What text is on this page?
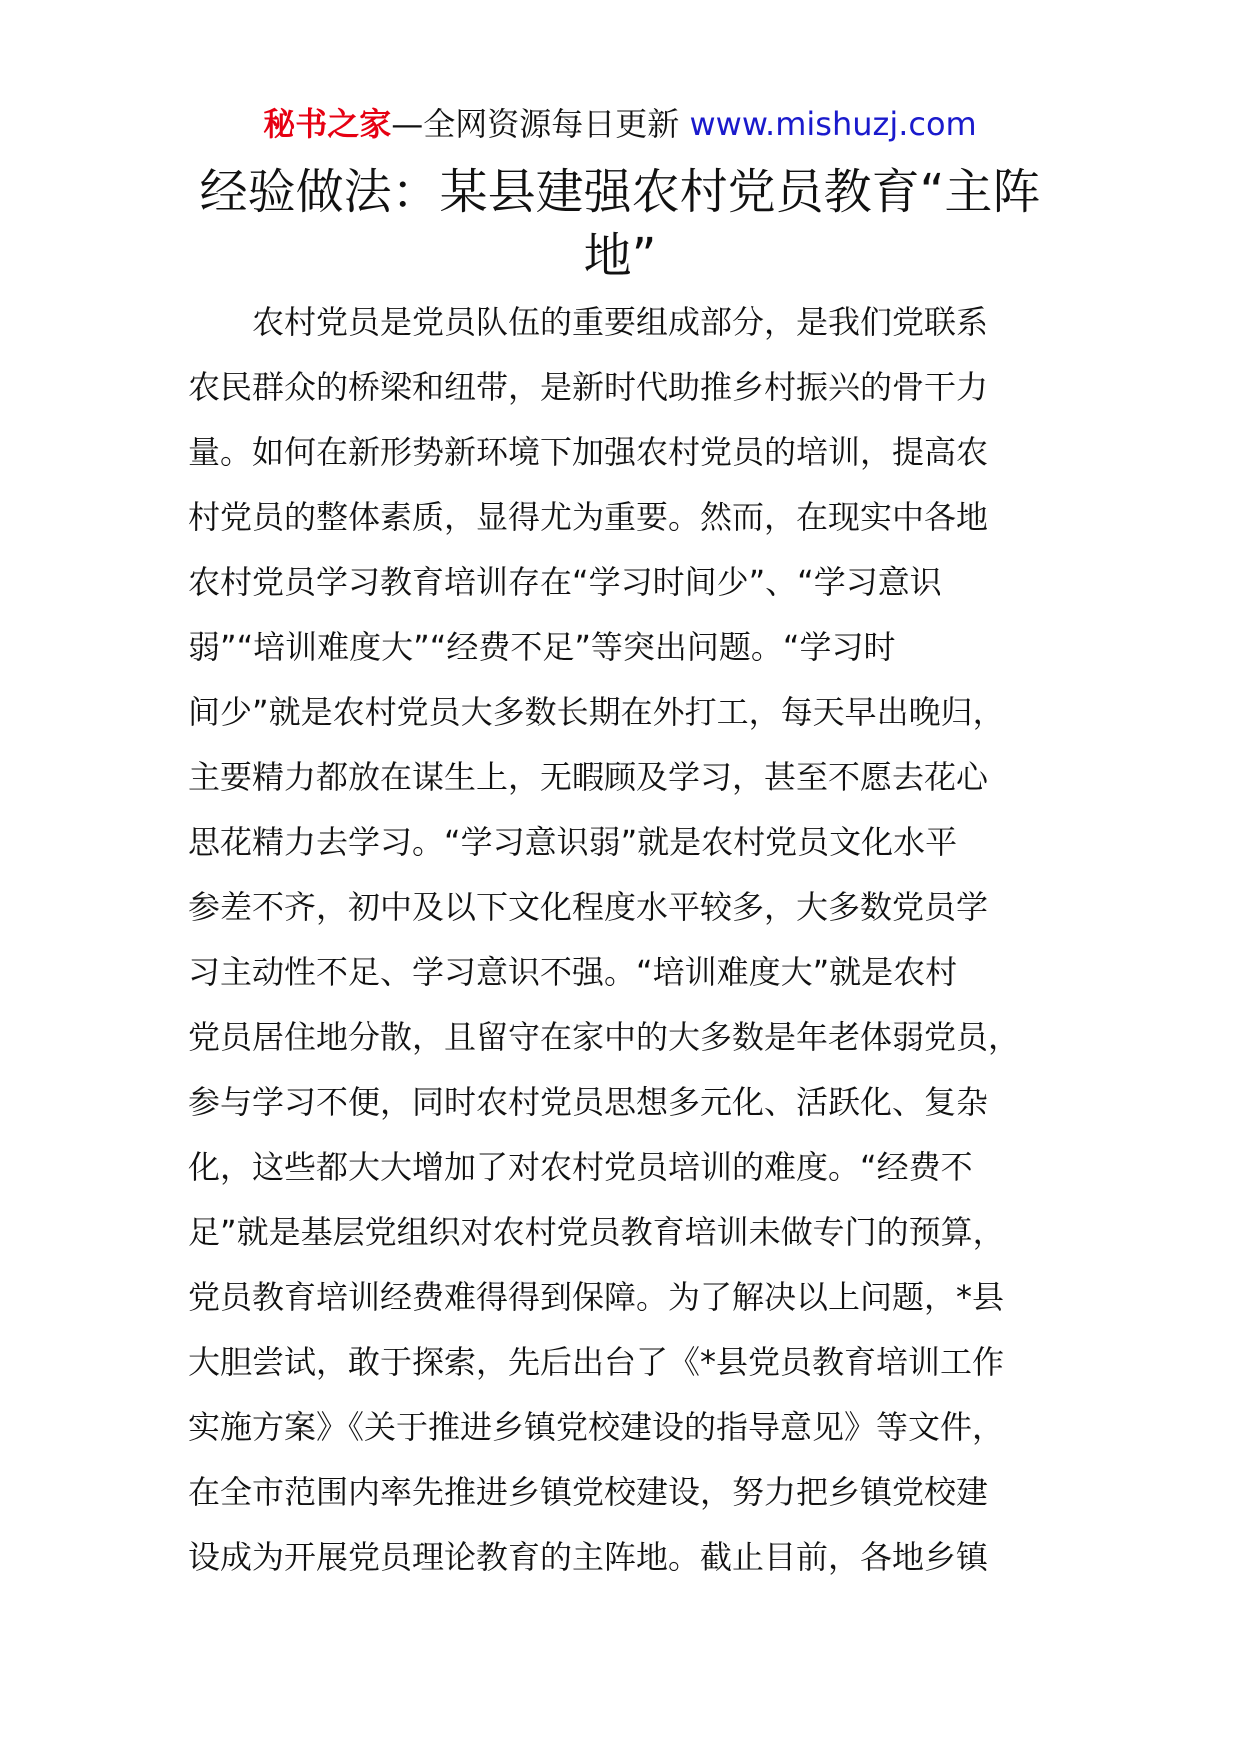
秘书之家—全网资源每日更新 www.mishuzj.com
经验做法：某县建强农村党员教育“主阵地”
　　农村党员是党员队伍的重要组成部分，是我们党联系
农民群众的桥梁和纽带，是新时代助推乡村振兴的骨干力
量。如何在新形势新环境下加强农村党员的培训，提高农
村党员的整体素质，显得尤为重要。然而，在现实中各地
农村党员学习教育培训存在“学习时间少”、“学习意识
弱”“培训难度大”“经费不足”等突出问题。“学习时
间少”就是农村党员大多数长期在外打工，每天早出晚归，
主要精力都放在谋生上，无暇顾及学习，甚至不愿去花心
思花精力去学习。“学习意识弱”就是农村党员文化水平
参差不齐，初中及以下文化程度水平较多，大多数党员学
习主动性不足、学习意识不强。“培训难度大”就是农村
党员居住地分散，且留守在家中的大多数是年老体弱党员，
参与学习不便，同时农村党员思想多元化、活跃化、复杂
化，这些都大大增加了对农村党员培训的难度。“经费不
足”就是基层党组织对农村党员教育培训未做专门的预算，
党员教育培训经费难得得到保障。为了解决以上问题，*县
大胆尝试，敢于探索，先后出台了《*县党员教育培训工作
实施方案》《关于推进乡镇党校建设的指导意见》等文件，
在全市范围内率先推进乡镇党校建设，努力把乡镇党校建
设成为开展党员理论教育的主阵地。截止目前，各地乡镇
